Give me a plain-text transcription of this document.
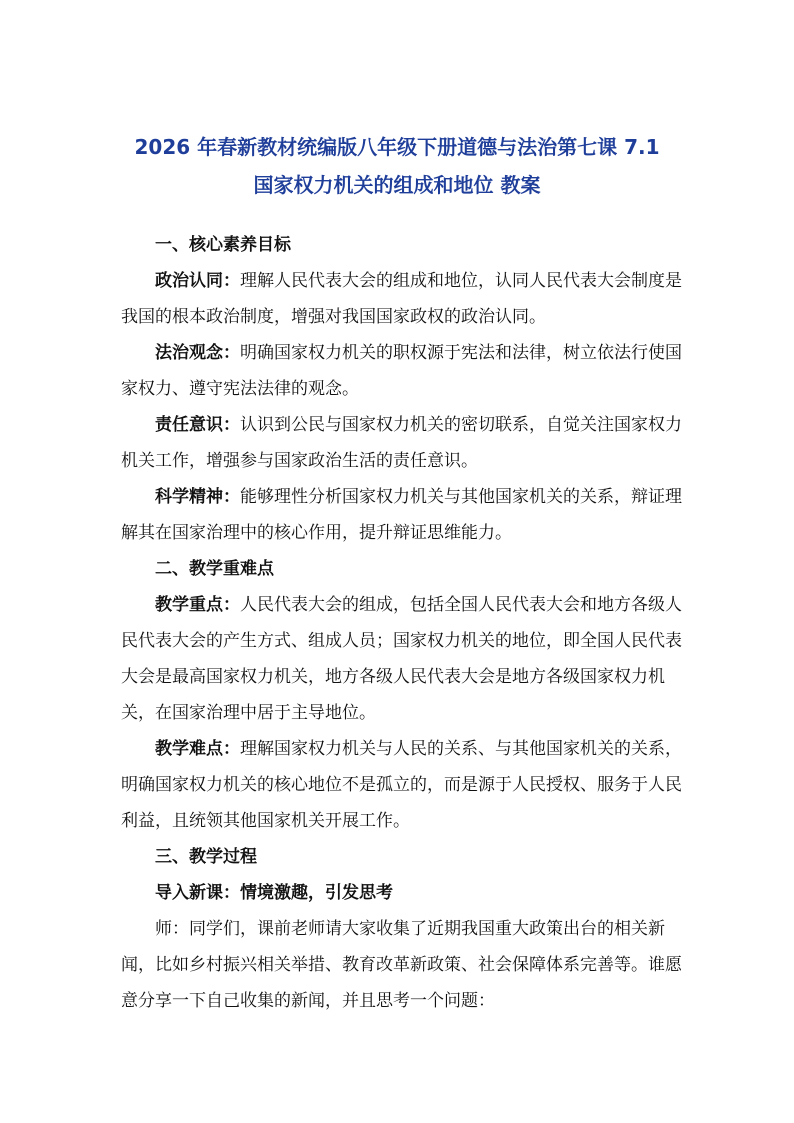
2026 年春新教材统编版八年级下册道德与法治第七课 7.1
国家权力机关的组成和地位 教案

一、核心素养目标

政治认同：理解人民代表大会的组成和地位，认同人民代表大会制度是我国的根本政治制度，增强对我国国家政权的政治认同。

法治观念：明确国家权力机关的职权源于宪法和法律，树立依法行使国家权力、遵守宪法法律的观念。

责任意识：认识到公民与国家权力机关的密切联系，自觉关注国家权力机关工作，增强参与国家政治生活的责任意识。

科学精神：能够理性分析国家权力机关与其他国家机关的关系，辩证理解其在国家治理中的核心作用，提升辩证思维能力。

二、教学重难点

教学重点：人民代表大会的组成，包括全国人民代表大会和地方各级人民代表大会的产生方式、组成人员；国家权力机关的地位，即全国人民代表大会是最高国家权力机关，地方各级人民代表大会是地方各级国家权力机关，在国家治理中居于主导地位。

教学难点：理解国家权力机关与人民的关系、与其他国家机关的关系，明确国家权力机关的核心地位不是孤立的，而是源于人民授权、服务于人民利益，且统领其他国家机关开展工作。

三、教学过程

导入新课：情境激趣，引发思考

师：同学们，课前老师请大家收集了近期我国重大政策出台的相关新闻，比如乡村振兴相关举措、教育改革新政策、社会保障体系完善等。谁愿意分享一下自己收集的新闻，并且思考一个问题：
